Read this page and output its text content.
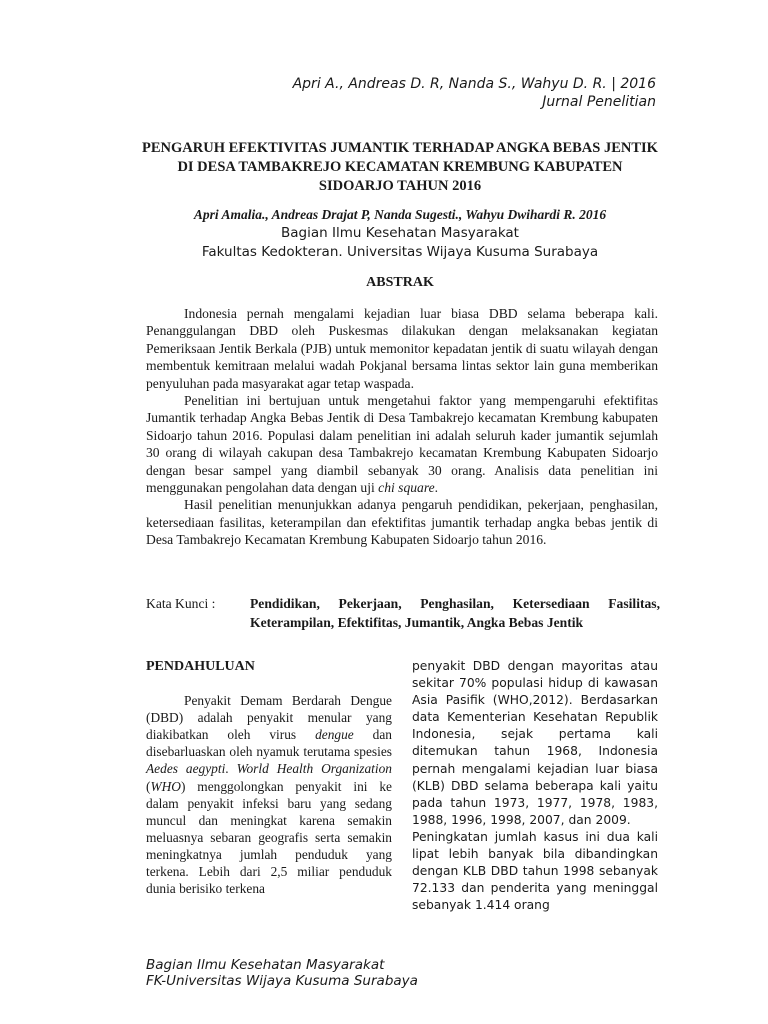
Apri A., Andreas D. R, Nanda S., Wahyu D. R. | 2016
Jurnal Penelitian
PENGARUH EFEKTIVITAS JUMANTIK TERHADAP ANGKA BEBAS JENTIK DI DESA TAMBAKREJO KECAMATAN KREMBUNG KABUPATEN SIDOARJO TAHUN 2016
Apri Amalia., Andreas Drajat P, Nanda Sugesti., Wahyu Dwihardi R. 2016
Bagian Ilmu Kesehatan Masyarakat
Fakultas Kedokteran. Universitas Wijaya Kusuma Surabaya
ABSTRAK

Indonesia pernah mengalami kejadian luar biasa DBD selama beberapa kali. Penanggulangan DBD oleh Puskesmas dilakukan dengan melaksanakan kegiatan Pemeriksaan Jentik Berkala (PJB) untuk memonitor kepadatan jentik di suatu wilayah dengan membentuk kemitraan melalui wadah Pokjanal bersama lintas sektor lain guna memberikan penyuluhan pada masyarakat agar tetap waspada.

Penelitian ini bertujuan untuk mengetahui faktor yang mempengaruhi efektifitas Jumantik terhadap Angka Bebas Jentik di Desa Tambakrejo kecamatan Krembung kabupaten Sidoarjo tahun 2016. Populasi dalam penelitian ini adalah seluruh kader jumantik sejumlah 30 orang di wilayah cakupan desa Tambakrejo kecamatan Krembung Kabupaten Sidoarjo dengan besar sampel yang diambil sebanyak 30 orang. Analisis data penelitian ini menggunakan pengolahan data dengan uji chi square.

Hasil penelitian menunjukkan adanya pengaruh pendidikan, pekerjaan, penghasilan, ketersediaan fasilitas, keterampilan dan efektifitas jumantik terhadap angka bebas jentik di Desa Tambakrejo Kecamatan Krembung Kabupaten Sidoarjo tahun 2016.

Kata Kunci :	Pendidikan, Pekerjaan, Penghasilan, Ketersediaan Fasilitas, Keterampilan, Efektifitas, Jumantik, Angka Bebas Jentik

PENDAHULUAN

Penyakit Demam Berdarah Dengue (DBD) adalah penyakit menular yang diakibatkan oleh virus dengue dan disebarluaskan oleh nyamuk terutama spesies Aedes aegypti. World Health Organization (WHO) menggolongkan penyakit ini ke dalam penyakit infeksi baru yang sedang muncul dan meningkat karena semakin meluasnya sebaran geografis serta semakin meningkatnya jumlah penduduk yang terkena. Lebih dari 2,5 miliar penduduk dunia berisiko terkena

penyakit DBD dengan mayoritas atau sekitar 70% populasi hidup di kawasan Asia Pasifik (WHO,2012). Berdasarkan data Kementerian Kesehatan Republik Indonesia, sejak pertama kali ditemukan tahun 1968, Indonesia pernah mengalami kejadian luar biasa (KLB) DBD selama beberapa kali yaitu pada tahun 1973, 1977, 1978, 1983, 1988, 1996, 1998, 2007, dan 2009.

Peningkatan jumlah kasus ini dua kali lipat lebih banyak bila dibandingkan dengan KLB DBD tahun 1998 sebanyak 72.133 dan penderita yang meninggal sebanyak 1.414 orang

Bagian Ilmu Kesehatan Masyarakat
FK-Universitas Wijaya Kusuma Surabaya
